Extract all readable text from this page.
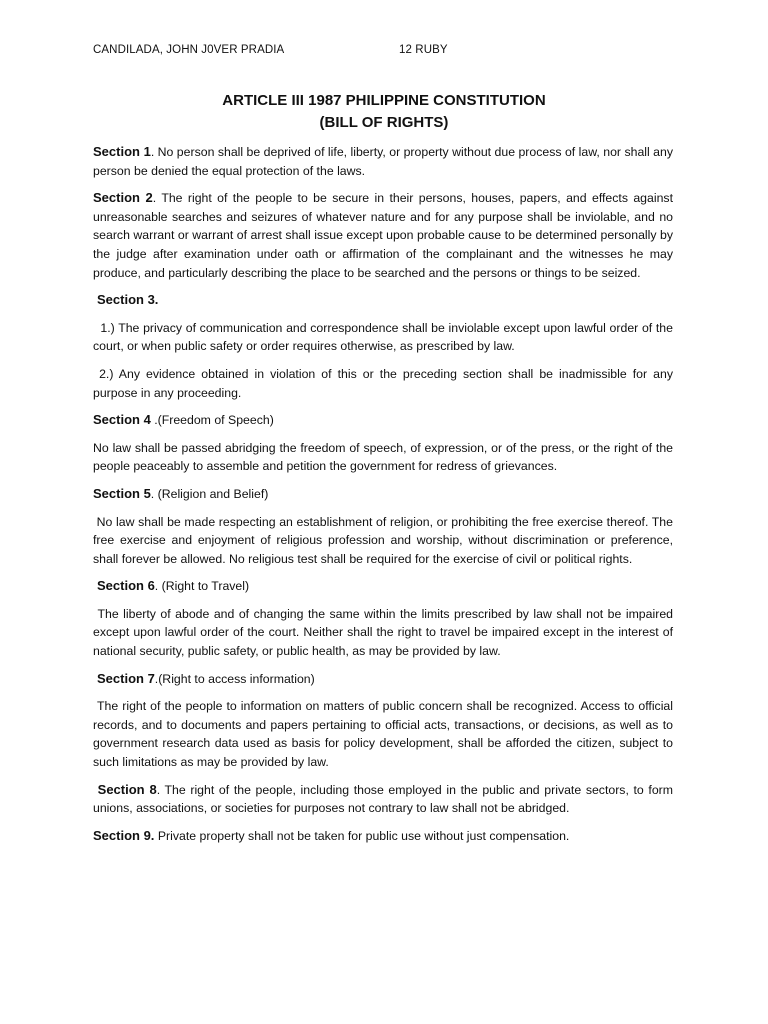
CANDILADA, JOHN J0VER PRADIA	12 RUBY
ARTICLE III 1987 PHILIPPINE CONSTITUTION
(BILL OF RIGHTS)

Section 1. No person shall be deprived of life, liberty, or property without due process of law, nor shall any person be denied the equal protection of the laws.

Section 2. The right of the people to be secure in their persons, houses, papers, and effects against unreasonable searches and seizures of whatever nature and for any purpose shall be inviolable, and no search warrant or warrant of arrest shall issue except upon probable cause to be determined personally by the judge after examination under oath or affirmation of the complainant and the witnesses he may produce, and particularly describing the place to be searched and the persons or things to be seized.

Section 3.

1.) The privacy of communication and correspondence shall be inviolable except upon lawful order of the court, or when public safety or order requires otherwise, as prescribed by law.

2.) Any evidence obtained in violation of this or the preceding section shall be inadmissible for any purpose in any proceeding.

Section 4 .(Freedom of Speech)

No law shall be passed abridging the freedom of speech, of expression, or of the press, or the right of the people peaceably to assemble and petition the government for redress of grievances.

Section 5. (Religion and Belief)

No law shall be made respecting an establishment of religion, or prohibiting the free exercise thereof. The free exercise and enjoyment of religious profession and worship, without discrimination or preference, shall forever be allowed. No religious test shall be required for the exercise of civil or political rights.

Section 6. (Right to Travel)

The liberty of abode and of changing the same within the limits prescribed by law shall not be impaired except upon lawful order of the court. Neither shall the right to travel be impaired except in the interest of national security, public safety, or public health, as may be provided by law.

Section 7.(Right to access information)

The right of the people to information on matters of public concern shall be recognized. Access to official records, and to documents and papers pertaining to official acts, transactions, or decisions, as well as to government research data used as basis for policy development, shall be afforded the citizen, subject to such limitations as may be provided by law.

Section 8. The right of the people, including those employed in the public and private sectors, to form unions, associations, or societies for purposes not contrary to law shall not be abridged.

Section 9. Private property shall not be taken for public use without just compensation.
